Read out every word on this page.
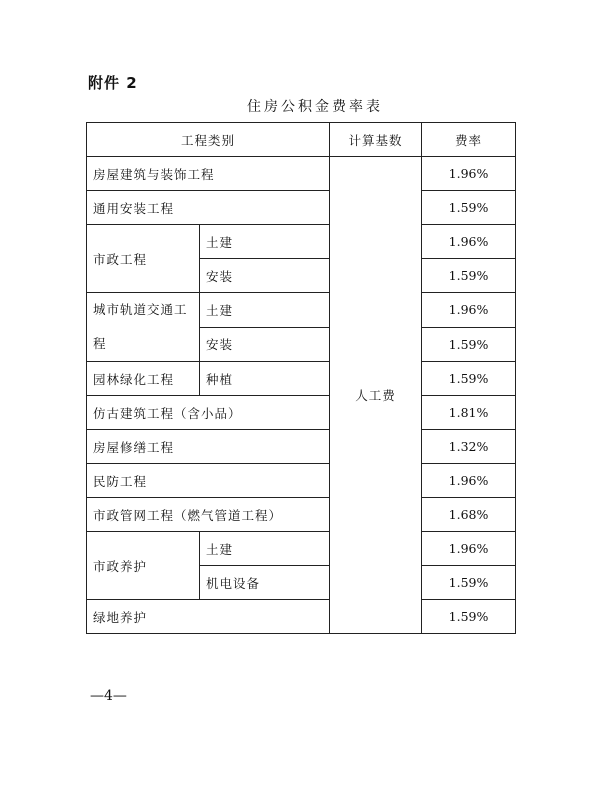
附件 2
住房公积金费率表
工程类别		计算基数	费率
房屋建筑与装饰工程		人工费	1.96%
通用安装工程			1.59%
市政工程	土建		1.96%
	安装		1.59%
城市轨道交通工程	土建		1.96%
	安装		1.59%
园林绿化工程	种植		1.59%
仿古建筑工程（含小品）			1.81%
房屋修缮工程			1.32%
民防工程			1.96%
市政管网工程（燃气管道工程）			1.68%
市政养护	土建		1.96%
	机电设备		1.59%
绿地养护			1.59%
—4—
